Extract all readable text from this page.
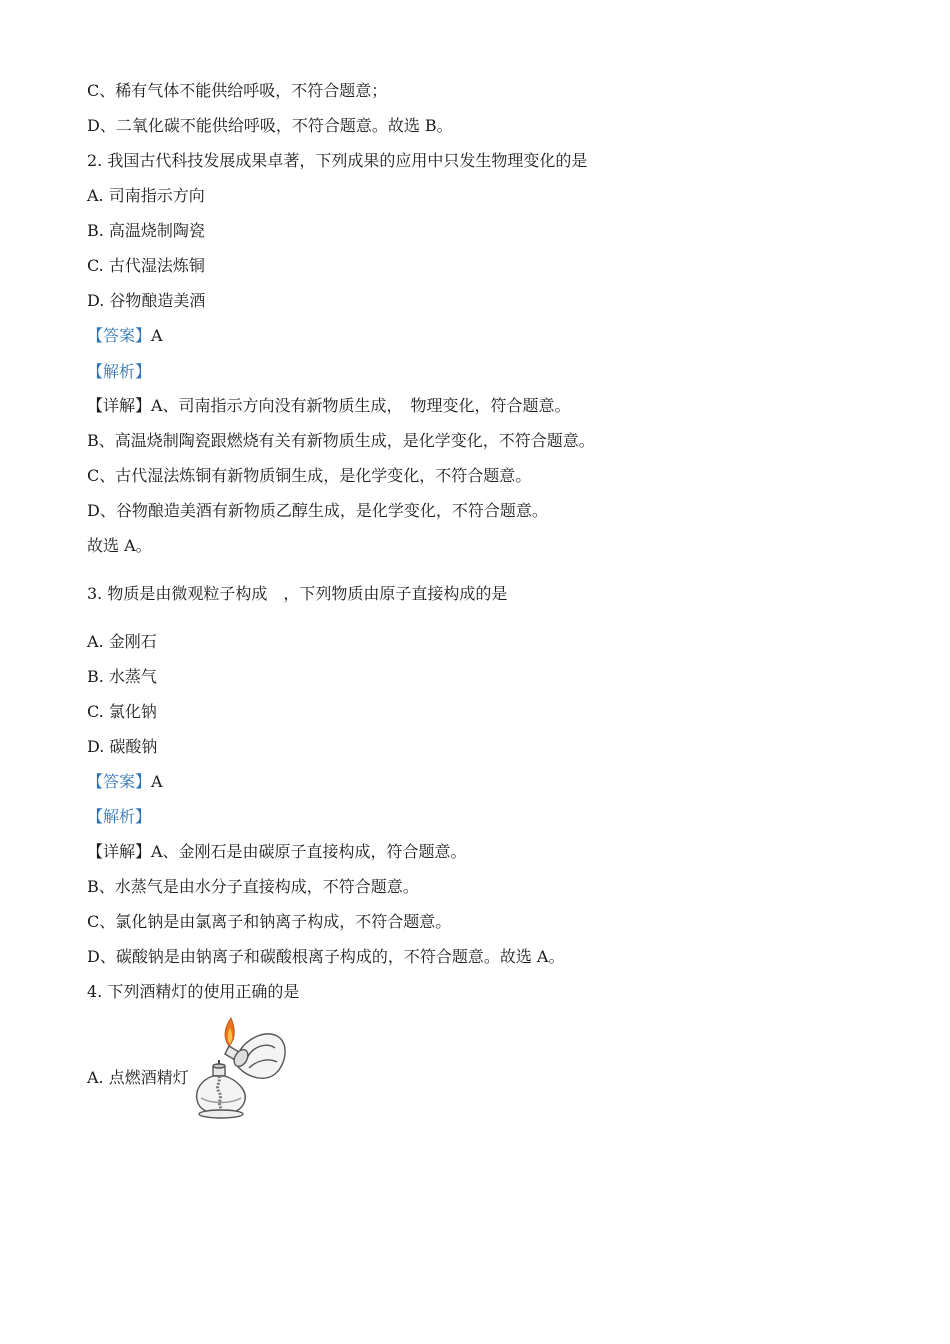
C、稀有气体不能供给呼吸，不符合题意；
D、二氧化碳不能供给呼吸，不符合题意。故选 B。
2. 我国古代科技发展成果卓著，下列成果的应用中只发生物理变化的是
A. 司南指示方向
B. 高温烧制陶瓷
C. 古代湿法炼铜
D. 谷物酿造美酒
【答案】A
【解析】
【详解】A、司南指示方向没有新物质生成，　物理变化，符合题意。
B、高温烧制陶瓷跟燃烧有关有新物质生成，是化学变化，不符合题意。
C、古代湿法炼铜有新物质铜生成，是化学变化，不符合题意。
D、谷物酿造美酒有新物质乙醇生成，是化学变化，不符合题意。
故选 A。
3. 物质是由微观粒子构成　，下列物质由原子直接构成的是
A. 金刚石
B. 水蒸气
C. 氯化钠
D. 碳酸钠
【答案】A
【解析】
【详解】A、金刚石是由碳原子直接构成，符合题意。
B、水蒸气是由水分子直接构成，不符合题意。
C、氯化钠是由氯离子和钠离子构成，不符合题意。
D、碳酸钠是由钠离子和碳酸根离子构成的，不符合题意。故选 A。
4. 下列酒精灯的使用正确的是
A. 点燃酒精灯
